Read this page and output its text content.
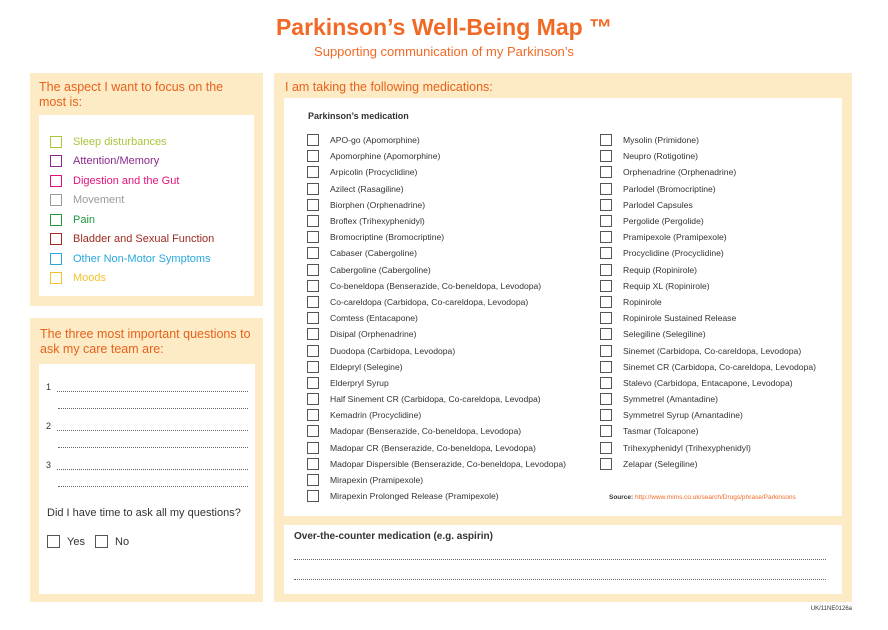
Parkinson’s Well-Being Map ™
Supporting communication of my Parkinson’s
The aspect I want to focus on the most is:
Sleep disturbances
Attention/Memory
Digestion and the Gut
Movement
Pain
Bladder and Sexual Function
Other Non-Motor Symptoms
Moods
The three most important questions to ask my care team are:
1
2
3
Did I have time to ask all my questions?
Yes	No
I am taking the following medications:
Parkinson’s medication
APO-go (Apomorphine)
Apomorphine (Apomorphine)
Arpicolin (Procyclidine)
Azilect (Rasagiline)
Biorphen (Orphenadrine)
Broflex (Trihexyphenidyl)
Bromocriptine (Bromocriptine)
Cabaser (Cabergoline)
Cabergoline (Cabergoline)
Co-beneldopa (Benserazide, Co-beneldopa, Levodopa)
Co-careldopa (Carbidopa, Co-careldopa, Levodopa)
Comtess (Entacapone)
Disipal (Orphenadrine)
Duodopa (Carbidopa, Levodopa)
Eldepryl (Selegine)
Elderpryl Syrup
Half Sinement CR (Carbidopa, Co-careldopa, Levodpa)
Kemadrin (Procyclidine)
Madopar (Benserazide, Co-beneldopa, Levodopa)
Madopar CR (Benserazide, Co-beneldopa, Levodopa)
Madopar Dispersible (Benserazide, Co-beneldopa, Levodopa)
Mirapexin (Pramipexole)
Mirapexin Prolonged Release (Pramipexole)
Mysolin (Primidone)
Neupro (Rotigotine)
Orphenadrine (Orphenadrine)
Parlodel (Bromocriptine)
Parlodel Capsules
Pergolide (Pergolide)
Pramipexole (Pramipexole)
Procyclidine (Procyclidine)
Requip (Ropinirole)
Requip XL (Ropinirole)
Ropinirole
Ropinirole Sustained Release
Selegiline (Selegiline)
Sinemet (Carbidopa, Co-careldopa, Levodopa)
Sinemet CR (Carbidopa, Co-careldopa, Levodopa)
Stalevo (Carbidopa, Entacapone, Levodopa)
Symmetrel (Amantadine)
Symmetrel Syrup (Amantadine)
Tasmar (Tolcapone)
Trihexyphenidyl (Trihexyphenidyl)
Zelapar (Selegiline)
Source: http://www.mims.co.uk/search/Drugs/phrase/Parkinsons
Over-the-counter medication (e.g. aspirin)
UK/11NE0126a
